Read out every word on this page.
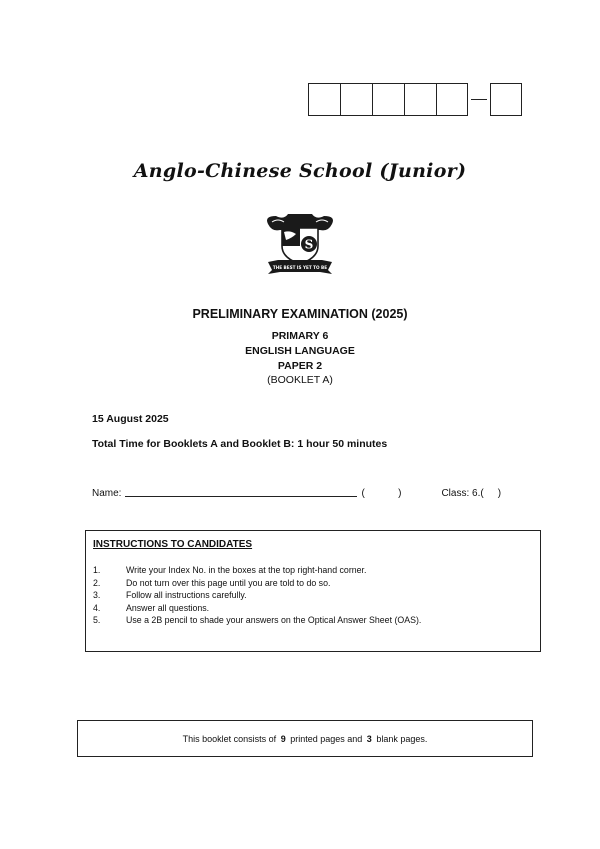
Anglo-Chinese School (Junior)
S
THE BEST IS YET TO BE
PRELIMINARY EXAMINATION (2025)
PRIMARY 6
ENGLISH LANGUAGE
PAPER 2
(BOOKLET A)
15 August 2025
Total Time for Booklets A and Booklet B: 1 hour 50 minutes
Name:	(	)	Class: 6.( )
INSTRUCTIONS TO CANDIDATES
1.	Write your Index No. in the boxes at the top right-hand corner.
2.	Do not turn over this page until you are told to do so.
3.	Follow all instructions carefully.
4.	Answer all questions.
5.	Use a 2B pencil to shade your answers on the Optical Answer Sheet (OAS).
This booklet consists of
9
printed pages and
3
blank pages.
